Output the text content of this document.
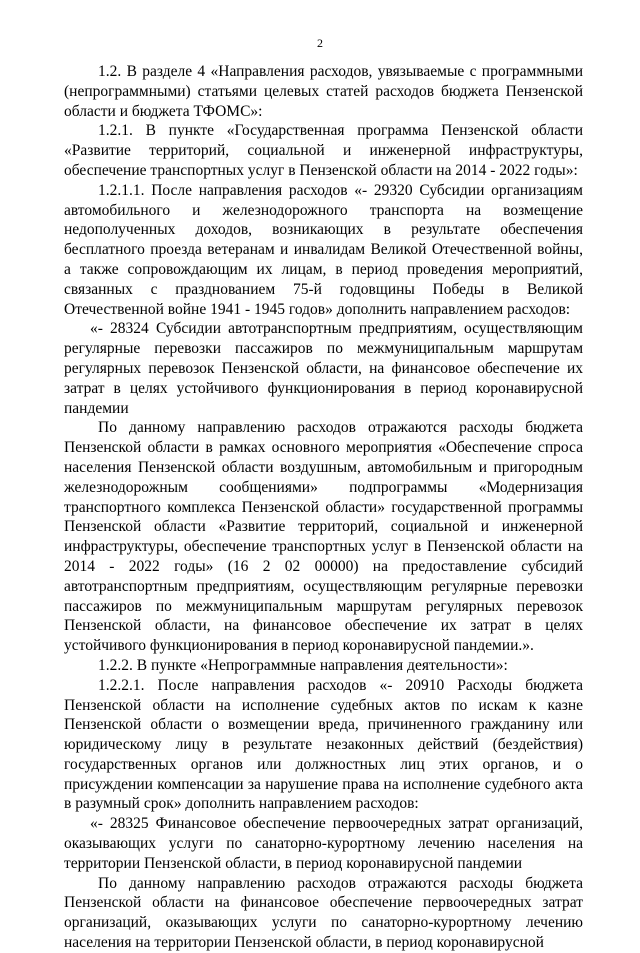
2

1.2. В разделе 4 «Направления расходов, увязываемые с программными (непрограммными) статьями целевых статей расходов бюджета Пензенской области и бюджета ТФОМС»:

1.2.1. В пункте «Государственная программа Пензенской области «Развитие территорий, социальной и инженерной инфраструктуры, обеспечение транспортных услуг в Пензенской области на 2014 - 2022 годы»:

1.2.1.1. После направления расходов «- 29320 Субсидии организациям автомобильного и железнодорожного транспорта на возмещение недополученных доходов, возникающих в результате обеспечения бесплатного проезда ветеранам и инвалидам Великой Отечественной войны, а также сопровождающим их лицам, в период проведения мероприятий, связанных с празднованием 75-й годовщины Победы в Великой Отечественной войне 1941 - 1945 годов» дополнить направлением расходов:

«- 28324 Субсидии автотранспортным предприятиям, осуществляющим регулярные перевозки пассажиров по межмуниципальным маршрутам регулярных перевозок Пензенской области, на финансовое обеспечение их затрат в целях устойчивого функционирования в период коронавирусной пандемии

По данному направлению расходов отражаются расходы бюджета Пензенской области в рамках основного мероприятия «Обеспечение спроса населения Пензенской области воздушным, автомобильным и пригородным железнодорожным сообщениями» подпрограммы «Модернизация транспортного комплекса Пензенской области» государственной программы Пензенской области «Развитие территорий, социальной и инженерной инфраструктуры, обеспечение транспортных услуг в Пензенской области на 2014 - 2022 годы» (16 2 02 00000) на предоставление субсидий автотранспортным предприятиям, осуществляющим регулярные перевозки пассажиров по межмуниципальным маршрутам регулярных перевозок Пензенской области, на финансовое обеспечение их затрат в целях устойчивого функционирования в период коронавирусной пандемии.».

1.2.2. В пункте «Непрограммные направления деятельности»:

1.2.2.1. После направления расходов «- 20910 Расходы бюджета Пензенской области на исполнение судебных актов по искам к казне Пензенской области о возмещении вреда, причиненного гражданину или юридическому лицу в результате незаконных действий (бездействия) государственных органов или должностных лиц этих органов, и о присуждении компенсации за нарушение права на исполнение судебного акта в разумный срок» дополнить направлением расходов:

«- 28325 Финансовое обеспечение первоочередных затрат организаций, оказывающих услуги по санаторно-курортному лечению населения на территории Пензенской области, в период коронавирусной пандемии

По данному направлению расходов отражаются расходы бюджета Пензенской области на финансовое обеспечение первоочередных затрат организаций, оказывающих услуги по санаторно-курортному лечению населения на территории Пензенской области, в период коронавирусной
